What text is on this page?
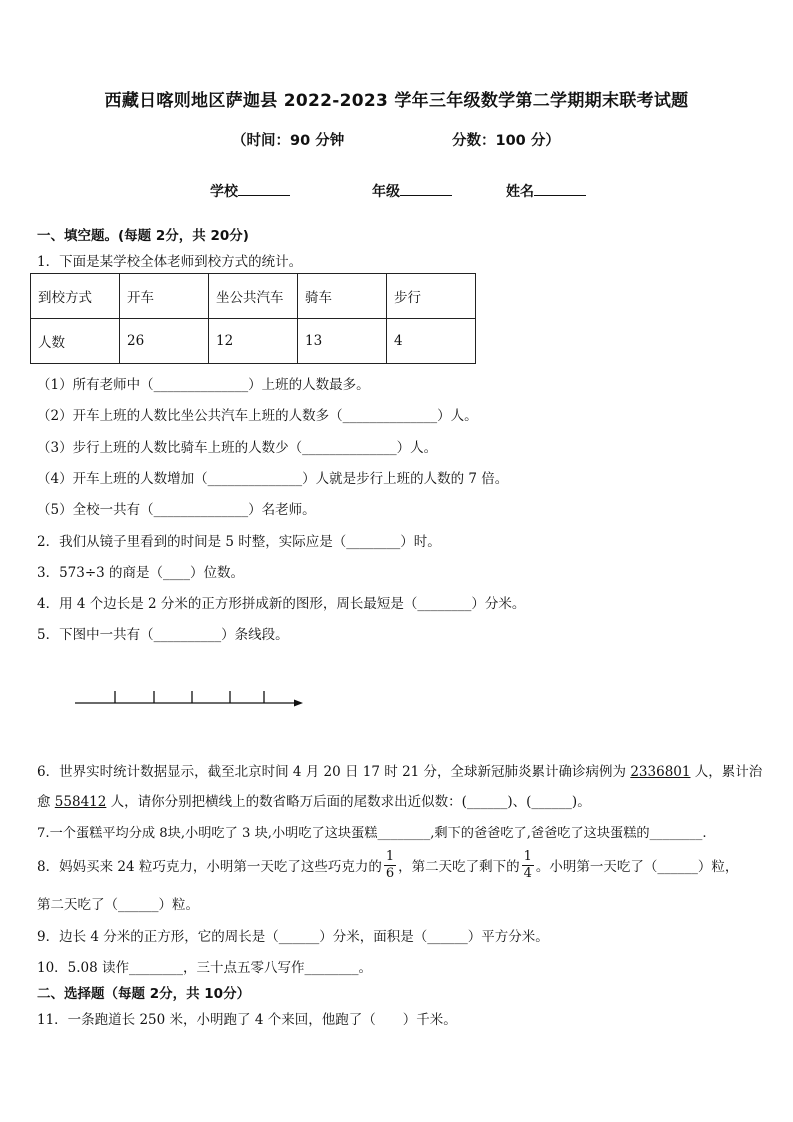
西藏日喀则地区萨迦县 2022-2023 学年三年级数学第二学期期末联考试题
（时间：90 分钟	分数：100 分）
学校	年级	姓名
一、填空题。(每题 2分，共 20分)
1．下面是某学校全体老师到校方式的统计。
到校方式	开车	坐公共汽车	骑车	步行
人数	26	12	13	4
（1）所有老师中（______________）上班的人数最多。
（2）开车上班的人数比坐公共汽车上班的人数多（______________）人。
（3）步行上班的人数比骑车上班的人数少（______________）人。
（4）开车上班的人数增加（______________）人就是步行上班的人数的 7 倍。
（5）全校一共有（______________）名老师。
2．我们从镜子里看到的时间是 5 时整，实际应是（________）时。
3．573÷3 的商是（____）位数。
4．用 4 个边长是 2 分米的正方形拼成新的图形，周长最短是（________）分米。
5．下图中一共有（__________）条线段。
6．世界实时统计数据显示，截至北京时间 4 月 20 日 17 时 21 分，全球新冠肺炎累计确诊病例为 2336801 人，累计治
愈 558412 人，请你分别把横线上的数省略万后面的尾数求出近似数：(______)、(______)。
7.一个蛋糕平均分成 8块,小明吃了 3 块,小明吃了这块蛋糕________,剩下的爸爸吃了,爸爸吃了这块蛋糕的________.
8．妈妈买来 24 粒巧克力，小明第一天吃了这些巧克力的 $\frac{1}{6}$ ，第二天吃了剩下的 $\frac{1}{4}$ 。小明第一天吃了（______）粒，
第二天吃了（______）粒。
9．边长 4 分米的正方形，它的周长是（______）分米，面积是（______）平方分米。
10．5.08 读作________，三十点五零八写作________。
二、选择题（每题 2分，共 10分）
11．一条跑道长 250 米，小明跑了 4 个来回，他跑了（　　）千米。
